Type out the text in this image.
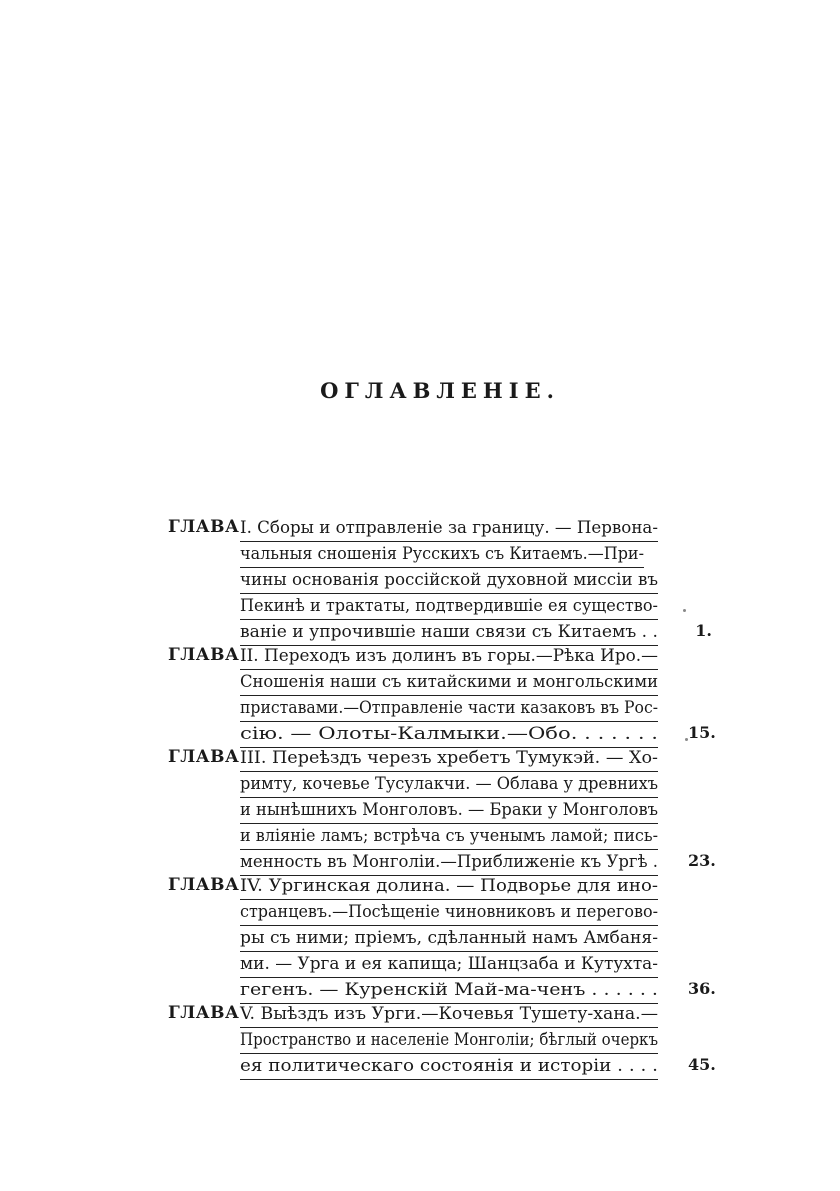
ОГЛАВЛЕНІЕ.
ГЛАВА I. Сборы и отправленіе за границу. — Первона-
чальныя сношенія Русскихъ съ Китаемъ.—При-
чины основанія россійской духовной миссіи въ
Пекинѣ и трактаты, подтвердившіе ея существо-
ваніе и упрочившіе наши связи съ Китаемъ . .	1.
ГЛАВА II. Переходъ изъ долинъ въ горы.—Рѣка Иро.—
Сношенія наши съ китайскими и монгольскими
приставами.—Отправленіе части казаковъ въ Рос-
сію. — Олоты-Калмыки.—Обо. . . . . . . 15.
ГЛАВА III. Переѣздъ черезъ хребетъ Тумукэй. — Хо-
римту, кочевье Тусулакчи. — Облава у древнихъ
и нынѣшнихъ Монголовъ. — Браки у Монголовъ
и вліяніе ламъ; встрѣча съ ученымъ ламой; пись-
менность въ Монголіи.—Приближеніе къ Ургѣ . 23.
ГЛАВА IV. Ургинская долина. — Подворье для ино-
странцевъ.—Посѣщеніе чиновниковъ и перегово-
ры съ ними; пріемъ, сдѣланный намъ Амбаня-
ми. — Урга и ея капища; Шанцзаба и Кутухта-
гегенъ. — Куренскій Май-ма-ченъ . . . . . . 36.
ГЛАВА V. Выѣздъ изъ Урги.—Кочевья Тушету-хана.—
Пространство и населеніе Монголіи; бѣглый очеркъ
ея политическаго состоянія и исторіи . . . . 45.
